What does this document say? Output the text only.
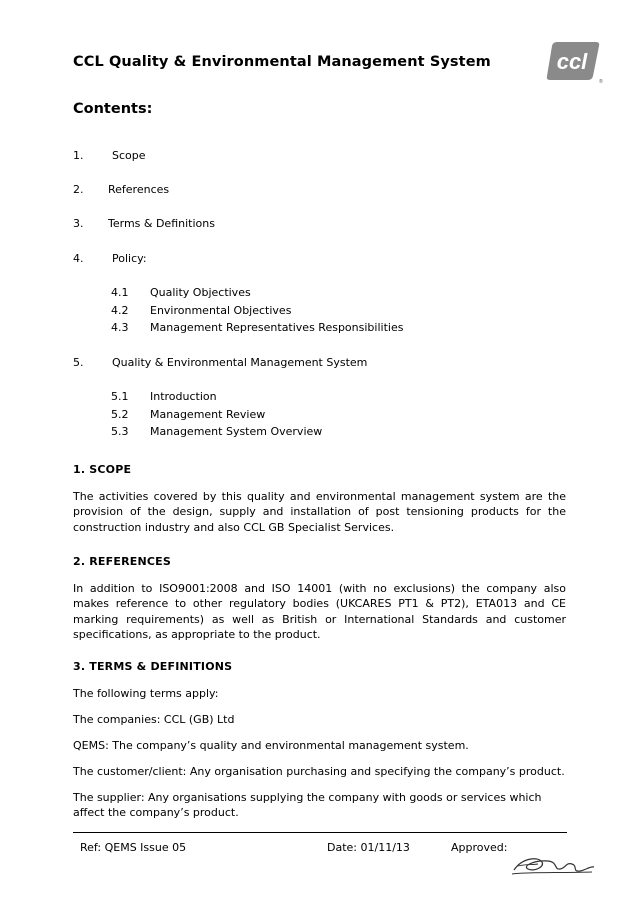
CCL Quality & Environmental Management System	ccl
®
Contents:
1.	Scope
2. References
3. Terms & Definitions
4.	Policy:
4.1 Quality Objectives
4.2 Environmental Objectives
4.3 Management Representatives Responsibilities
5.	Quality & Environmental Management System
5.1 Introduction
5.2 Management Review
5.3 Management System Overview
1. SCOPE
The activities covered by this quality and environmental management system are the provision of the design, supply and installation of post tensioning products for the construction industry and also CCL GB Specialist Services.
2. REFERENCES
In addition to ISO9001:2008 and ISO 14001 (with no exclusions) the company also makes reference to other regulatory bodies (UKCARES PT1 & PT2), ETA013 and CE marking requirements) as well as British or International Standards and customer specifications, as appropriate to the product.
3. TERMS & DEFINITIONS
The following terms apply:
The companies: CCL (GB) Ltd
QEMS: The company’s quality and environmental management system.
The customer/client: Any organisation purchasing and specifying the company’s product.
The supplier: Any organisations supplying the company with goods or services which affect the company’s product.
Ref: QEMS Issue 05	Date: 01/11/13	Approved:
